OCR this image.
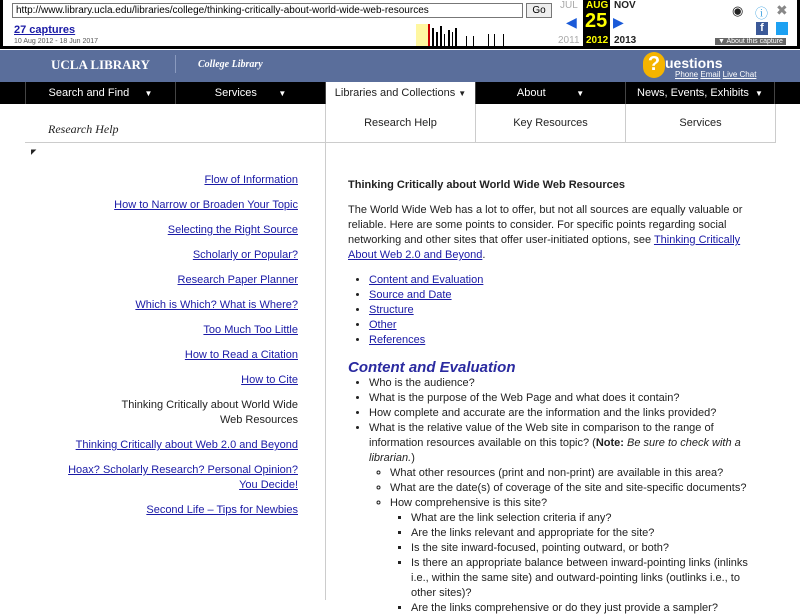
http://www.library.ucla.edu/libraries/college/thinking-critically-about-world-wide-web-resources
Go
27 captures
10 Aug 2012 - 18 Jun 2017
JUL AUG NOV
◀ 25 ▶
2011 2012 2013
◉ ⓘ ✖
f
▼ About this capture
UCLA LIBRARY	College Library	? uestions
Phone Email Live Chat
Search and Find ▼	Services	▼	Libraries and Collections ▼	About	▼	News, Events, Exhibits ▼
Research Help	Research Help	Key Resources	Services
◤
Flow of Information
How to Narrow or Broaden Your Topic
Selecting the Right Source
Scholarly or Popular?
Research Paper Planner
Which is Which? What is Where?
Too Much Too Little
How to Read a Citation
How to Cite
Thinking Critically about World Wide Web Resources
Thinking Critically about Web 2.0 and Beyond
Hoax? Scholarly Research? Personal Opinion? You Decide!
Second Life – Tips for Newbies
Thinking Critically about World Wide Web Resources

The World Wide Web has a lot to offer, but not all sources are equally valuable or reliable. Here are some points to consider. For specific points regarding social networking and other sites that offer user-initiated options, see Thinking Critically About Web 2.0 and Beyond.

• Content and Evaluation
• Source and Date
• Structure
• Other
• References
Content and Evaluation
• Who is the audience?
• What is the purpose of the Web Page and what does it contain?
• How complete and accurate are the information and the links provided?
• What is the relative value of the Web site in comparison to the range of information resources available on this topic? (Note: Be sure to check with a librarian.)
◦ What other resources (print and non-print) are available in this area?
◦ What are the date(s) of coverage of the site and site-specific documents?
◦ How comprehensive is this site?
▪ What are the link selection criteria if any?
▪ Are the links relevant and appropriate for the site?
▪ Is the site inward-focused, pointing outward, or both?
▪ Is there an appropriate balance between inward-pointing links (inlinks i.e., within the same site) and outward-pointing links (outlinks i.e., to other sites)?
▪ Are the links comprehensive or do they just provide a sampler?
